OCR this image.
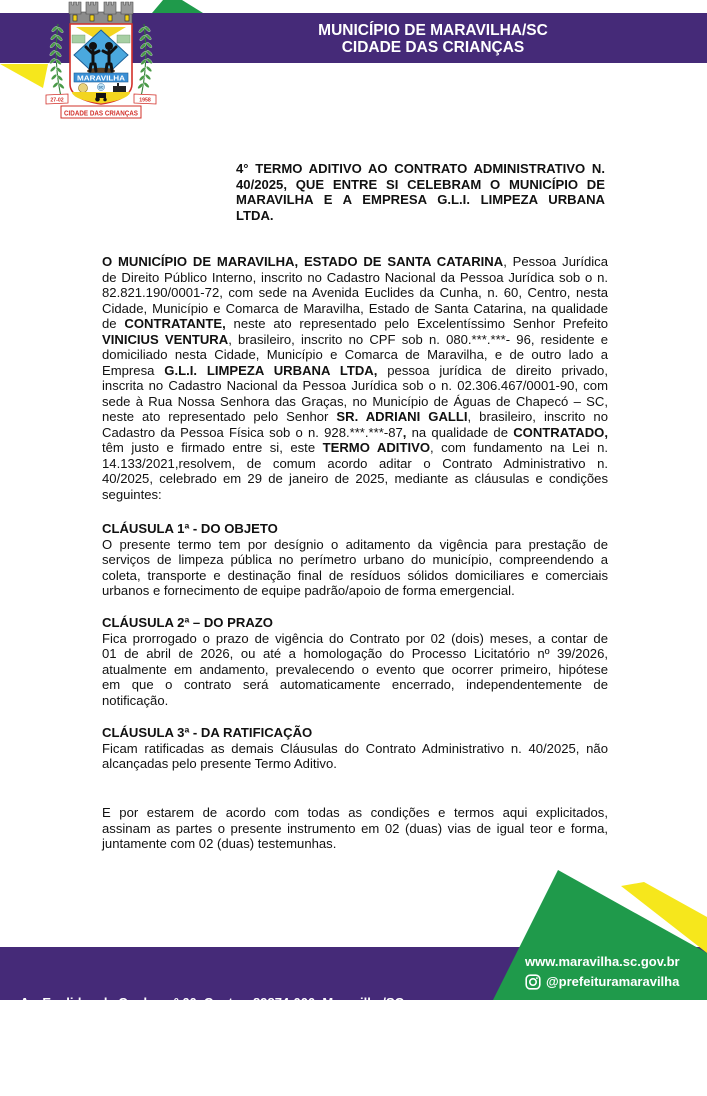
MARAVILHA
SC
27-02	1958
CIDADE DAS CRIANÇAS
MUNICÍPIO DE MARAVILHA/SC
CIDADE DAS CRIANÇAS
4° TERMO ADITIVO AO CONTRATO ADMINISTRATIVO N.
40/2025, QUE ENTRE SI CELEBRAM O MUNICÍPIO DE
MARAVILHA E A EMPRESA G.L.I. LIMPEZA URBANA
LTDA.
O MUNICÍPIO DE MARAVILHA, ESTADO DE SANTA CATARINA, Pessoa Jurídica
de Direito Público Interno, inscrito no Cadastro Nacional da Pessoa Jurídica sob o n.
82.821.190/0001-72, com sede na Avenida Euclides da Cunha, n. 60, Centro, nesta
Cidade, Município e Comarca de Maravilha, Estado de Santa Catarina, na qualidade
de CONTRATANTE, neste ato representado pelo Excelentíssimo Senhor Prefeito
VINICIUS VENTURA, brasileiro, inscrito no CPF sob n. 080.***.***- 96, residente e
domiciliado nesta Cidade, Município e Comarca de Maravilha, e de outro lado a
Empresa G.L.I. LIMPEZA URBANA LTDA, pessoa jurídica de direito privado,
inscrita no Cadastro Nacional da Pessoa Jurídica sob o n. 02.306.467/0001-90, com
sede à Rua Nossa Senhora das Graças, no Município de Águas de Chapecó – SC,
neste ato representado pelo Senhor SR. ADRIANI GALLI, brasileiro, inscrito no
Cadastro da Pessoa Física sob o n. 928.***.***-87, na qualidade de CONTRATADO,
têm justo e firmado entre si, este TERMO ADITIVO, com fundamento na Lei n.
14.133/2021,resolvem, de comum acordo aditar o Contrato Administrativo n.
40/2025, celebrado em 29 de janeiro de 2025, mediante as cláusulas e condições
seguintes:
CLÁUSULA 1ª - DO OBJETO
O presente termo tem por desígnio o aditamento da vigência para prestação de
serviços de limpeza pública no perímetro urbano do município, compreendendo a
coleta, transporte e destinação final de resíduos sólidos domiciliares e comerciais
urbanos e fornecimento de equipe padrão/apoio de forma emergencial.
CLÁUSULA 2ª – DO PRAZO
Fica prorrogado o prazo de vigência do Contrato por 02 (dois) meses, a contar de
01 de abril de 2026, ou até a homologação do Processo Licitatório nº 39/2026,
atualmente em andamento, prevalecendo o evento que ocorrer primeiro, hipótese
em que o contrato será automaticamente encerrado, independentemente de
notificação.
CLÁUSULA 3ª - DA RATIFICAÇÃO
Ficam ratificadas as demais Cláusulas do Contrato Administrativo n. 40/2025, não
alcançadas pelo presente Termo Aditivo.
E por estarem de acordo com todas as condições e termos aqui explicitados,
assinam as partes o presente instrumento em 02 (duas) vias de igual teor e forma,
juntamente com 02 (duas) testemunhas.

Av. Euclides da Cunha, nº 60, Centro, 89874-000, Maravilha/SC

CNPJ: 82.821.190/0001-72  -  Fone: (49) 3664-0044

www.maravilha.sc.gov.br
@prefeituramaravilha
